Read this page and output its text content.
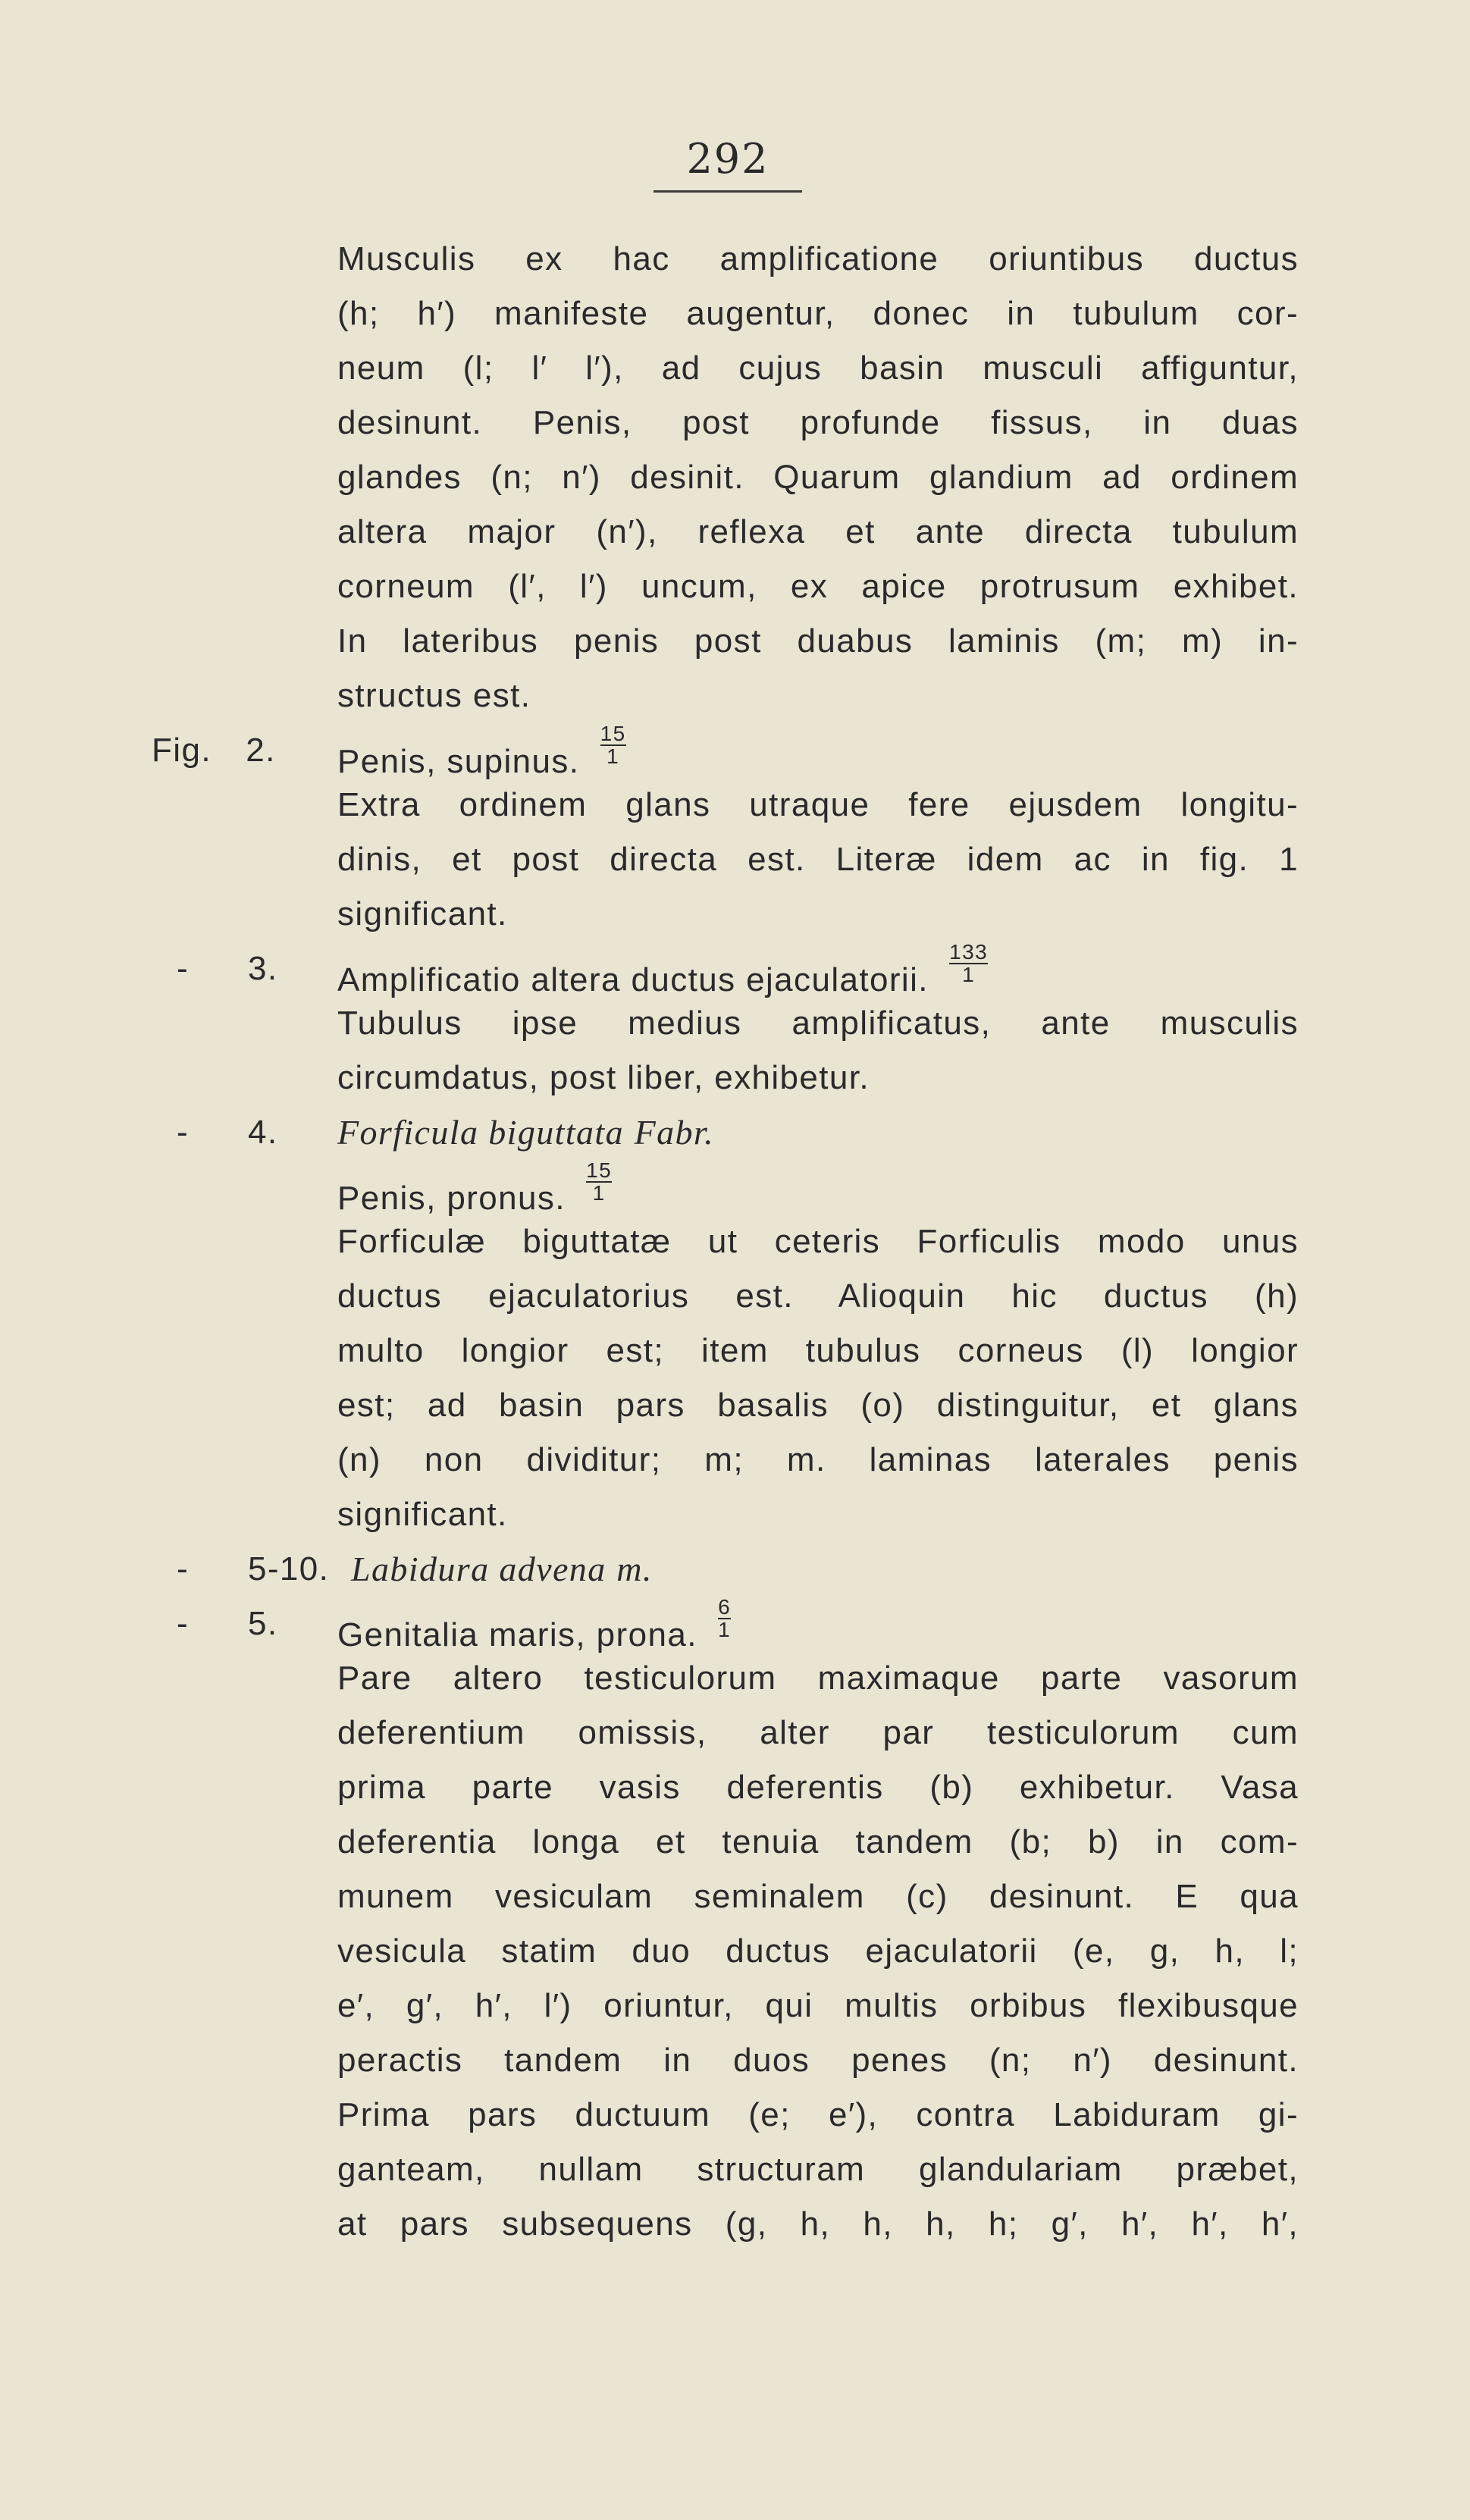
292
Musculis ex hac amplificatione oriuntibus ductus
(h; h′) manifeste augentur, donec in tubulum cor-
neum (l; l′ l′), ad cujus basin musculi affiguntur,
desinunt. Penis, post profunde fissus, in duas
glandes (n; n′) desinit. Quarum glandium ad ordinem
altera major (n′), reflexa et ante directa tubulum
corneum (l′, l′) uncum, ex apice protrusum exhibet.
In lateribus penis post duabus laminis (m; m) in-
structus est.
Fig. 2. Penis, supinus. $\frac{15}{1}$
Extra ordinem glans utraque fere ejusdem longitu-
dinis, et post directa est. Literæ idem ac in fig. 1
significant.
- 3. Amplificatio altera ductus ejaculatorii. $\frac{133}{1}$
Tubulus ipse medius amplificatus, ante musculis
circumdatus, post liber, exhibetur.
- 4. Forficula biguttata Fabr.
Penis, pronus. $\frac{15}{1}$
Forficulæ biguttatæ ut ceteris Forficulis modo unus
ductus ejaculatorius est. Alioquin hic ductus (h)
multo longior est; item tubulus corneus (l) longior
est; ad basin pars basalis (o) distinguitur, et glans
(n) non dividitur; m; m. laminas laterales penis
significant.
- 5-10. Labidura advena m.
- 5. Genitalia maris, prona. $\frac{6}{1}$
Pare altero testiculorum maximaque parte vasorum
deferentium omissis, alter par testiculorum cum
prima parte vasis deferentis (b) exhibetur. Vasa
deferentia longa et tenuia tandem (b; b) in com-
munem vesiculam seminalem (c) desinunt. E qua
vesicula statim duo ductus ejaculatorii (e, g, h, l;
e′, g′, h′, l′) oriuntur, qui multis orbibus flexibusque
peractis tandem in duos penes (n; n′) desinunt.
Prima pars ductuum (e; e′), contra Labiduram gi-
ganteam, nullam structuram glandulariam præbet,
at pars subsequens (g, h, h, h, h; g′, h′, h′, h′,
